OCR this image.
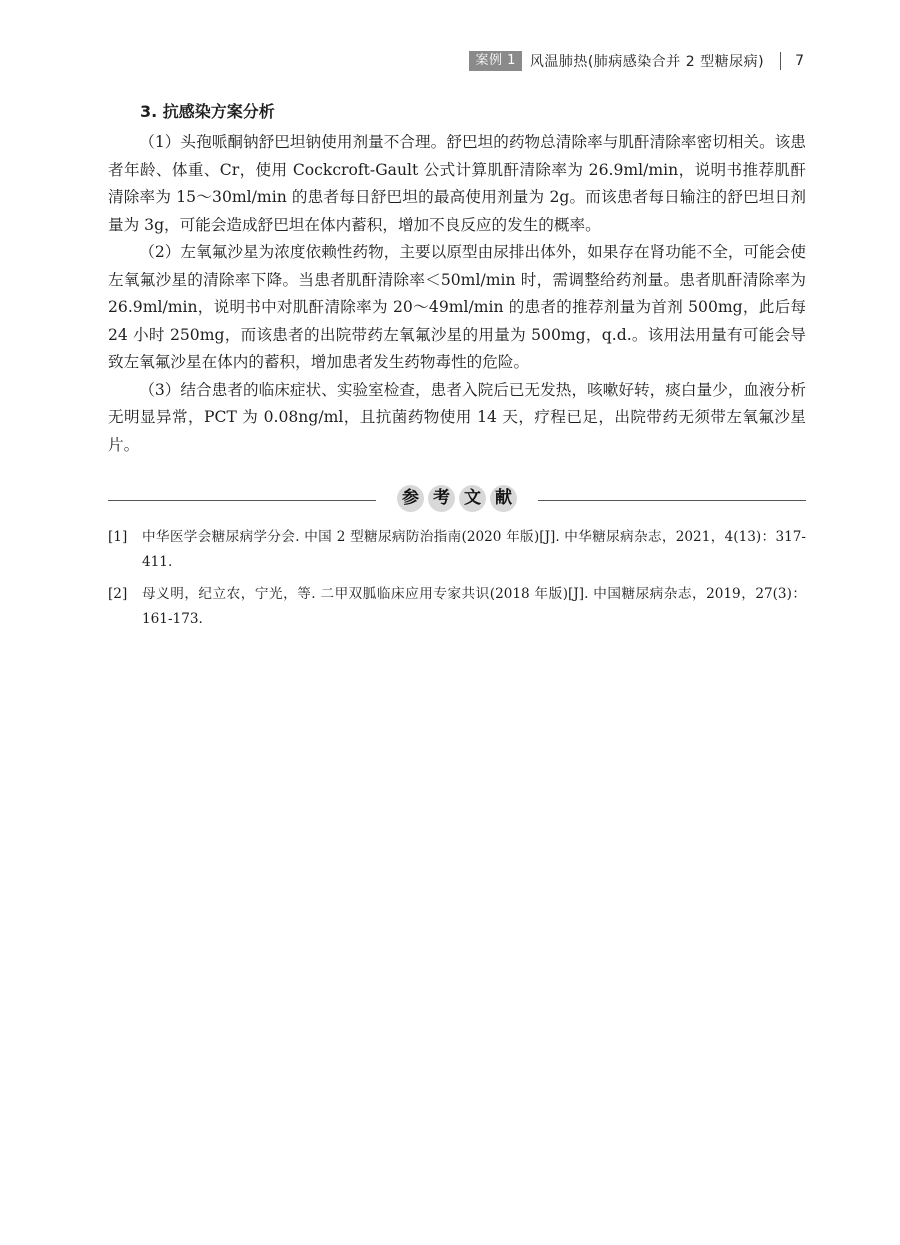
案例 1	风温肺热(肺病感染合并 2 型糖尿病) 7
3. 抗感染方案分析

（1）头孢哌酮钠舒巴坦钠使用剂量不合理。舒巴坦的药物总清除率与肌酐清除率密切相关。该患者年龄、体重、Cr，使用 Cockcroft-Gault 公式计算肌酐清除率为 26.9ml/min，说明书推荐肌酐清除率为 15～30ml/min 的患者每日舒巴坦的最高使用剂量为 2g。而该患者每日输注的舒巴坦日剂量为 3g，可能会造成舒巴坦在体内蓄积，增加不良反应的发生的概率。

（2）左氧氟沙星为浓度依赖性药物，主要以原型由尿排出体外，如果存在肾功能不全，可能会使左氧氟沙星的清除率下降。当患者肌酐清除率＜50ml/min 时，需调整给药剂量。患者肌酐清除率为 26.9ml/min，说明书中对肌酐清除率为 20～49ml/min 的患者的推荐剂量为首剂 500mg，此后每 24 小时 250mg，而该患者的出院带药左氧氟沙星的用量为 500mg，q.d.。该用法用量有可能会导致左氧氟沙星在体内的蓄积，增加患者发生药物毒性的危险。

（3）结合患者的临床症状、实验室检查，患者入院后已无发热，咳嗽好转，痰白量少，血液分析无明显异常，PCT 为 0.08ng/ml，且抗菌药物使用 14 天，疗程已足，出院带药无须带左氧氟沙星片。

参 考 文 献
[1] 中华医学会糖尿病学分会. 中国 2 型糖尿病防治指南(2020 年版)[J]. 中华糖尿病杂志，2021，4(13)：317-411.
[2] 母义明，纪立农，宁光，等. 二甲双胍临床应用专家共识(2018 年版)[J]. 中国糖尿病杂志，2019，27(3)：161-173.
